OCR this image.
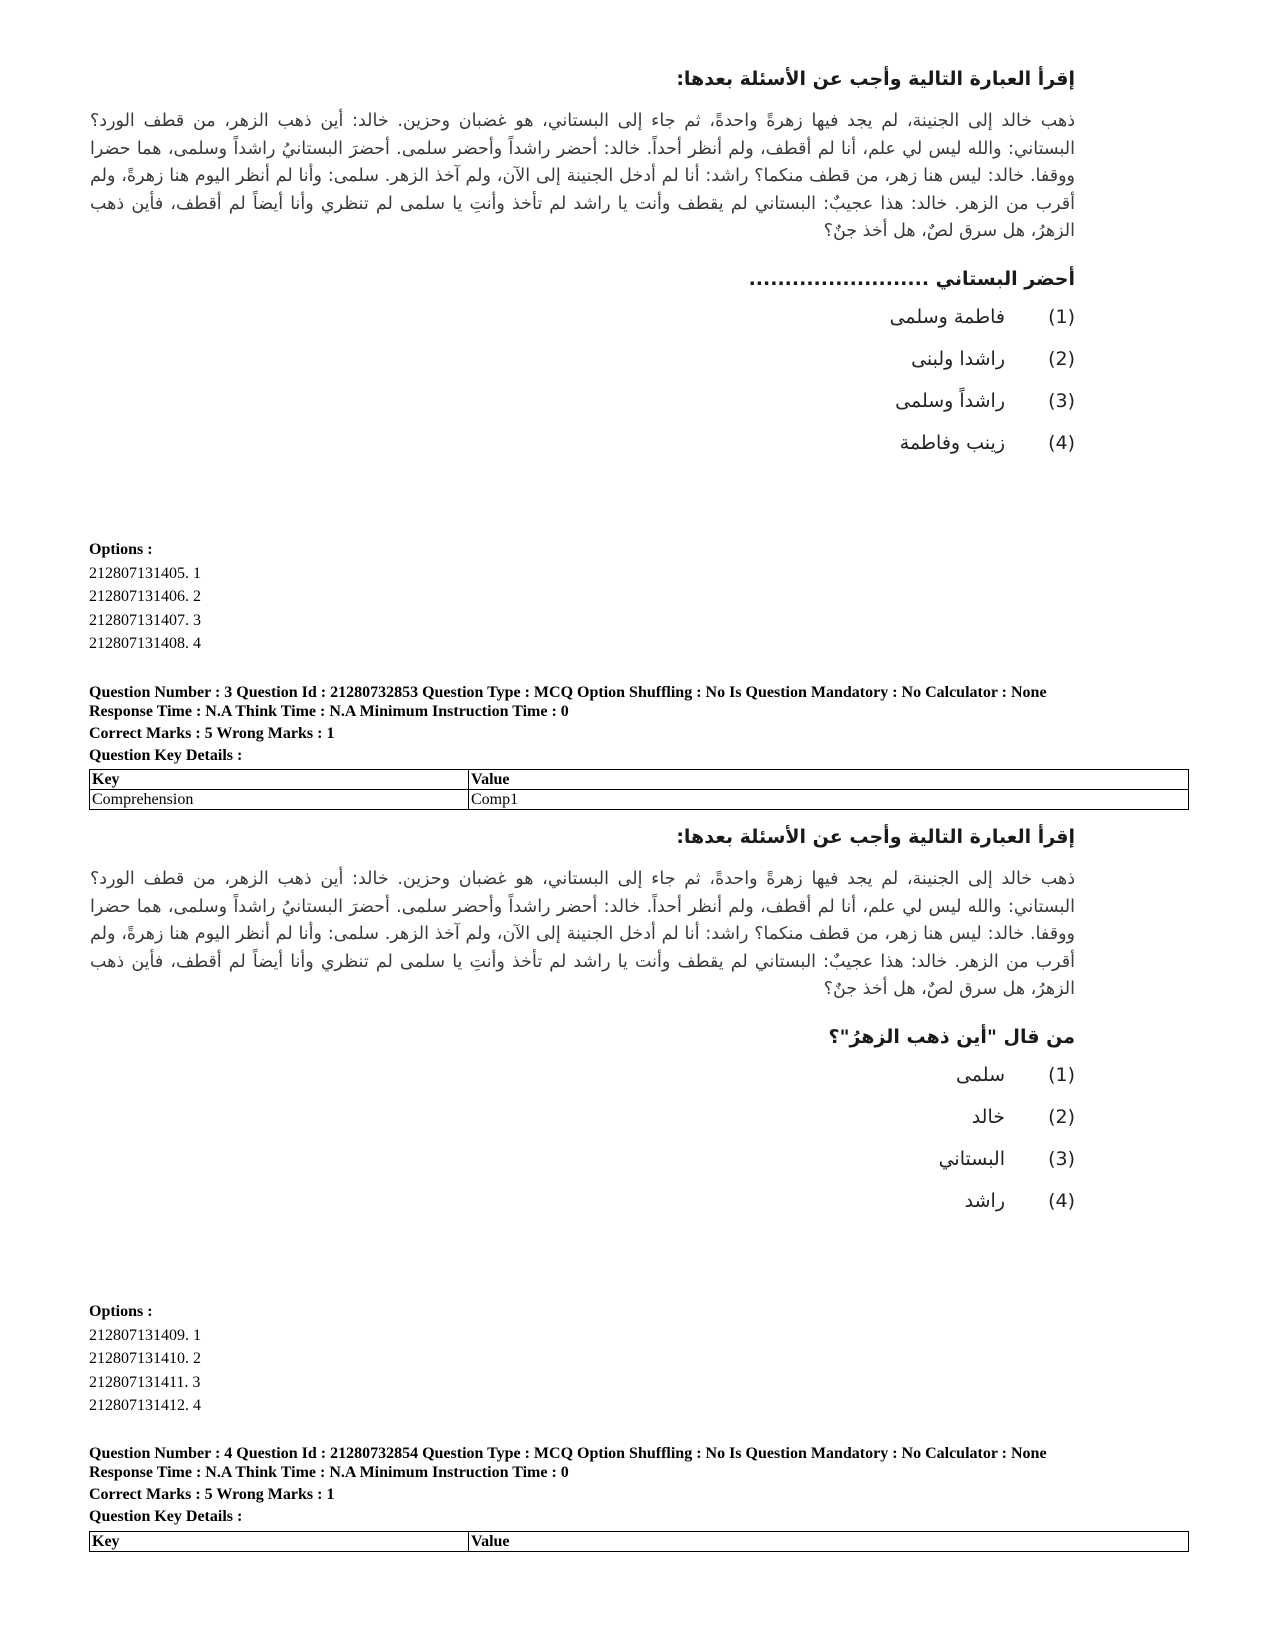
إقرأ العبارة التالية وأجب عن الأسئلة بعدها:

ذهب خالد إلى الجنينة، لم يجد فيها زهرةً واحدةً، ثم جاء إلى البستاني، هو غضبان وحزين. خالد: أين ذهب الزهر، من قطف الورد؟ البستاني: والله ليس لي علم، أنا لم أقطف، ولم أنظر أحداً. خالد: أحضر راشداً وأحضر سلمى. أحضرَ البستانيُ راشداً وسلمى، هما حضرا ووقفا. خالد: ليس هنا زهر، من قطف منكما؟ راشد: أنا لم أدخل الجنينة إلى الآن، ولم آخذ الزهر. سلمى: وأنا لم أنظر اليوم هنا زهرةً، ولم أقرب من الزهر. خالد: هذا عجيبٌ: البستاني لم يقطف وأنت يا راشد لم تأخذ وأنتِ يا سلمى لم تنظري وأنا أيضاً لم أقطف، فأين ذهب الزهرُ، هل سرق لصٌ، هل أخذ جنٌ؟

أحضر البستاني .........................

(1)
فاطمة وسلمى
(2)
راشدا ولبنى
(3)
راشداً وسلمى
(4)
زينب وفاطمة
Options :
212807131405. 1
212807131406. 2
212807131407. 3
212807131408. 4
Question Number : 3 Question Id : 21280732853 Question Type : MCQ Option Shuffling : No Is Question Mandatory : No Calculator : None
Response Time : N.A Think Time : N.A Minimum Instruction Time : 0
Correct Marks : 5 Wrong Marks : 1
Question Key Details :
Key	Value
Comprehension	Comp1

إقرأ العبارة التالية وأجب عن الأسئلة بعدها:

ذهب خالد إلى الجنينة، لم يجد فيها زهرةً واحدةً، ثم جاء إلى البستاني، هو غضبان وحزين. خالد: أين ذهب الزهر، من قطف الورد؟ البستاني: والله ليس لي علم، أنا لم أقطف، ولم أنظر أحداً. خالد: أحضر راشداً وأحضر سلمى. أحضرَ البستانيُ راشداً وسلمى، هما حضرا ووقفا. خالد: ليس هنا زهر، من قطف منكما؟ راشد: أنا لم أدخل الجنينة إلى الآن، ولم آخذ الزهر. سلمى: وأنا لم أنظر اليوم هنا زهرةً، ولم أقرب من الزهر. خالد: هذا عجيبٌ: البستاني لم يقطف وأنت يا راشد لم تأخذ وأنتِ يا سلمى لم تنظري وأنا أيضاً لم أقطف، فأين ذهب الزهرُ، هل سرق لصٌ، هل أخذ جنٌ؟

من قال "أين ذهب الزهرُ"؟

(1)
سلمى
(2)
خالد
(3)
البستاني
(4)
راشد
Options :
212807131409. 1
212807131410. 2
212807131411. 3
212807131412. 4
Question Number : 4 Question Id : 21280732854 Question Type : MCQ Option Shuffling : No Is Question Mandatory : No Calculator : None
Response Time : N.A Think Time : N.A Minimum Instruction Time : 0
Correct Marks : 5 Wrong Marks : 1
Question Key Details :
Key	Value
